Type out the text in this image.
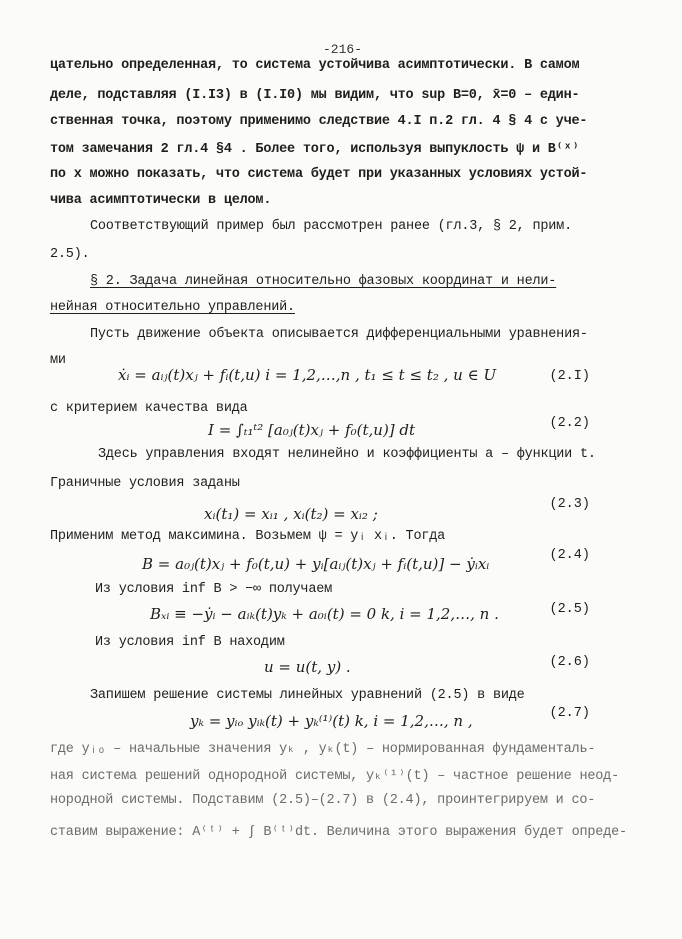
-216-
цательно определенная, то система устойчива асимптотически. В самом
деле, подставляя (I.I3) в (I.I0) мы видим, что sup B=0, x̄=0 – един-
ственная точка, поэтому применимо следствие 4.I п.2 гл. 4 § 4 с уче-
том замечания 2 гл.4 §4 . Более того, используя выпуклость ψ и B⁽ˣ⁾
по x можно показать, что система будет при указанных условиях устой-
чива асимптотически в целом.
Соответствующий пример был рассмотрен ранее (гл.3, § 2, прим.
2.5).
§ 2. Задача линейная относительно фазовых координат и нели-
нейная относительно управлений.
Пусть движение объекта описывается дифференциальными уравнения-
ми
ẋᵢ = aᵢⱼ(t)xⱼ + fᵢ(t,u) i = 1,2,…,n , t₁ ≤ t ≤ t₂ , u ∈ U	(2.I)
с критерием качества вида
I = ∫ₜ₁ᵗ² [a₀ⱼ(t)xⱼ + f₀(t,u)] dt	(2.2)
Здесь управления входят нелинейно и коэффициенты a – функции t.
Граничные условия заданы
xᵢ(t₁) = xᵢ₁ , xᵢ(t₂) = xᵢ₂ ;
(2.3)
Применим метод максимина. Возьмем ψ = yᵢ xᵢ. Тогда
B = a₀ⱼ(t)xⱼ + f₀(t,u) + yᵢ[aᵢⱼ(t)xⱼ + fᵢ(t,u)] − ẏᵢxᵢ	(2.4)
Из условия inf B > −∞ получаем
Bₓᵢ ≡ −ẏᵢ − aᵢₖ(t)yₖ + a₀ᵢ(t) = 0 k, i = 1,2,…, n .	(2.5)
Из условия inf B находим
u = u(t, y) .	(2.6)
Запишем решение системы линейных уравнений (2.5) в виде
yₖ = yᵢₒ yᵢₖ(t) + yₖ⁽¹⁾(t) k, i = 1,2,…, n ,	(2.7)
где yᵢₒ – начальные значения yₖ , yₖ(t) – нормированная фундаменталь-
ная система решений однородной системы, yₖ⁽¹⁾(t) – частное решение неод-
нородной системы. Подставим (2.5)–(2.7) в (2.4), проинтегрируем и со-
ставим выражение: A⁽ᵗ⁾ + ∫ B⁽ᵗ⁾dt. Величина этого выражения будет опреде-
